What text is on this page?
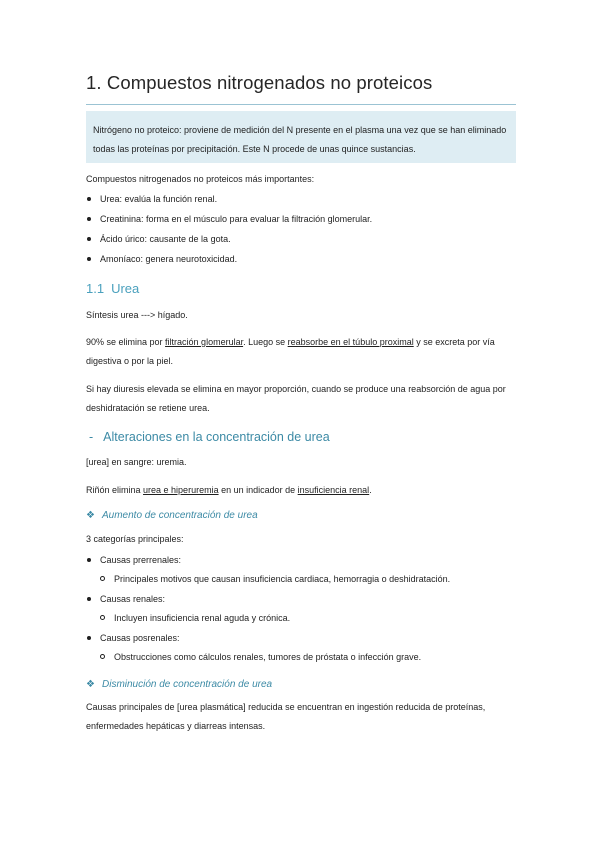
1. Compuestos nitrogenados no proteicos
Nitrógeno no proteico: proviene de medición del N presente en el plasma una vez que se han eliminado todas las proteínas por precipitación. Este N procede de unas quince sustancias.
Compuestos nitrogenados no proteicos más importantes:
Urea: evalúa la función renal.
Creatinina: forma en el músculo para evaluar la filtración glomerular.
Ácido úrico: causante de la gota.
Amoníaco: genera neurotoxicidad.
1.1 Urea
Síntesis urea ---> hígado.
90% se elimina por filtración glomerular. Luego se reabsorbe en el túbulo proximal y se excreta por vía digestiva o por la piel.
Si hay diuresis elevada se elimina en mayor proporción, cuando se produce una reabsorción de agua por deshidratación se retiene urea.
- Alteraciones en la concentración de urea
[urea] en sangre: uremia.
Riñón elimina urea e hiperuremia en un indicador de insuficiencia renal.
❖ Aumento de concentración de urea
3 categorías principales:
Causas prerrenales:
Principales motivos que causan insuficiencia cardiaca, hemorragia o deshidratación.
Causas renales:
Incluyen insuficiencia renal aguda y crónica.
Causas posrenales:
Obstrucciones como cálculos renales, tumores de próstata o infección grave.
❖ Disminución de concentración de urea
Causas principales de [urea plasmática] reducida se encuentran en ingestión reducida de proteínas, enfermedades hepáticas y diarreas intensas.
